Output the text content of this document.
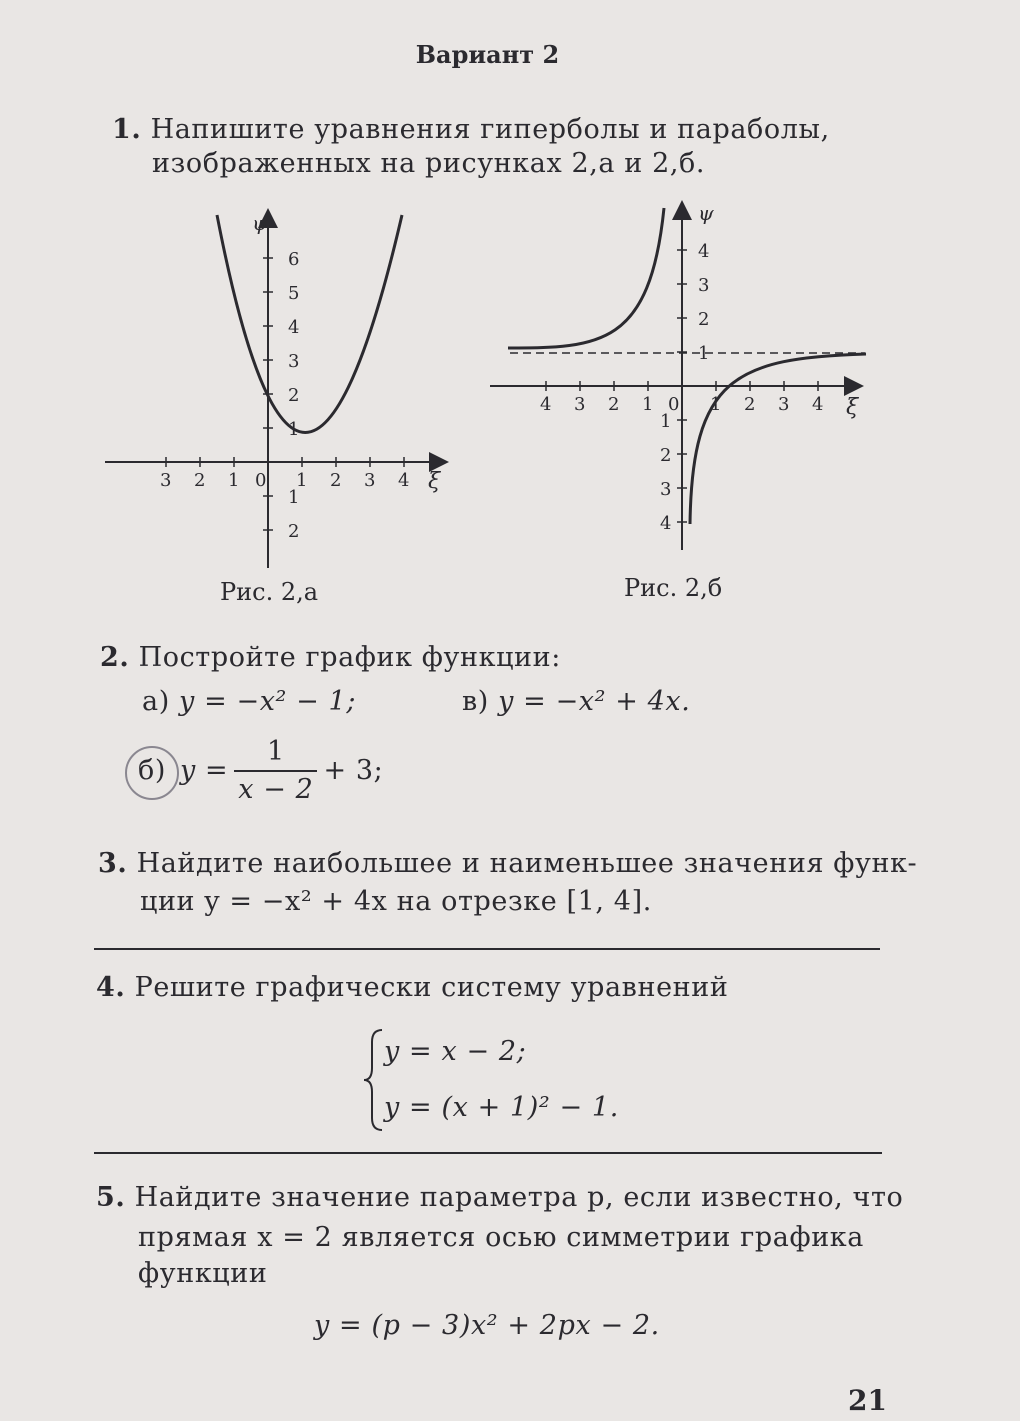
Вариант 2
1. Напишите уравнения гиперболы и параболы,
изображенных на рисунках 2,а и 2,б.
3 2 1	1 2 3 4
6
5
4
3
2
1
1
2
ψ
ξ
0
Рис. 2,а
4 3 2 1	1 2 3 4
4
3
2
1
1
2
3
4
ψ
ξ
0
Рис. 2,б
2. Постройте график функции:
а) y = −x² − 1;	в) y = −x² + 4x.
б) $y = \frac{1}{x - 2} + 3$;
3. Найдите наибольшее и наименьшее значения функ-
ции y = −x² + 4x на отрезке [1, 4].
4. Решите графически систему уравнений
y = x − 2;
y = (x + 1)² − 1.
5. Найдите значение параметра p, если известно, что
прямая x = 2 является осью симметрии графика
функции
y = (p − 3)x² + 2px − 2.
21
